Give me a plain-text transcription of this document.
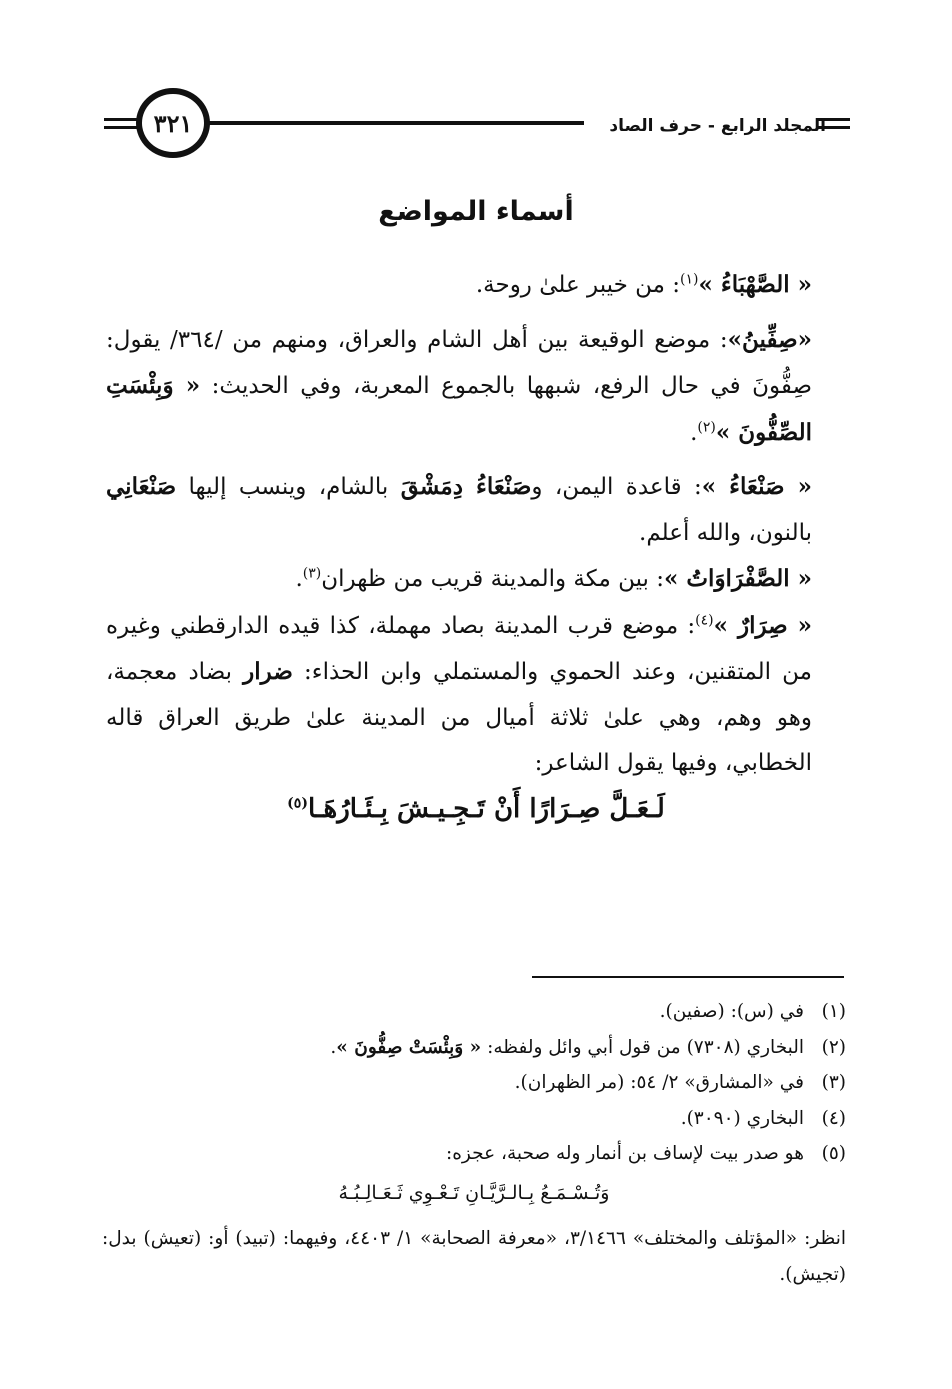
٣٢١	المجلد الرابع - حرف الصاد
أسماء المواضع

« الصَّهْبَاءُ »$^{(١)}$: من خيبر علىٰ روحة.

«صِفِّينُ»: موضع الوقيعة بين أهل الشام والعراق، ومنهم من /٣٦٤/ يقول: صِفُّونَ في حال الرفع، شبهها بالجموع المعربة، وفي الحديث: « وَبِئْسَتِ الصِّفُّونَ »$^{(٢)}$.

« صَنْعَاءُ »: قاعدة اليمن، وصَنْعَاءُ دِمَشْقَ بالشام، وينسب إليها صَنْعَانِي بالنون، والله أعلم.

« الصَّفْرَاوَاتُ »: بين مكة والمدينة قريب من ظهران$^{(٣)}$.

« صِرَارٌ »$^{(٤)}$: موضع قرب المدينة بصاد مهملة، كذا قيده الدارقطني وغيره من المتقنين، وعند الحموي والمستملي وابن الحذاء: ضرار بضاد معجمة، وهو وهم، وهي علىٰ ثلاثة أميال من المدينة علىٰ طريق العراق قاله الخطابي، وفيها يقول الشاعر:

لَـعَـلَّ صِـرَارًا أَنْ تَـجِـيـشَ بِـئَـارُهَـا$^{(٥)}$

(١)في (س): (صفين).

(٢)البخاري (٧٣٠٨) من قول أبي وائل ولفظه: « وَبِئْسَتْ صِفُّونَ ».

(٣)في «المشارق» ٢/ ٥٤: (مر الظهران).

(٤)البخاري (٣٠٩٠).

(٥)هو صدر بيت لإساف بن أنمار وله صحبة، عجزه:

وَتُـسْـمَـعُ بِـالـرَّيَّـانِ تَـعْـوِي ثَـعَـالِـبُـهُ

انظر: «المؤتلف والمختلف» ٣/١٤٦٦، «معرفة الصحابة» ١/ ٤٤٠٣، وفيهما: (تبيد) أو: (تعيش) بدل: (تجيش).
